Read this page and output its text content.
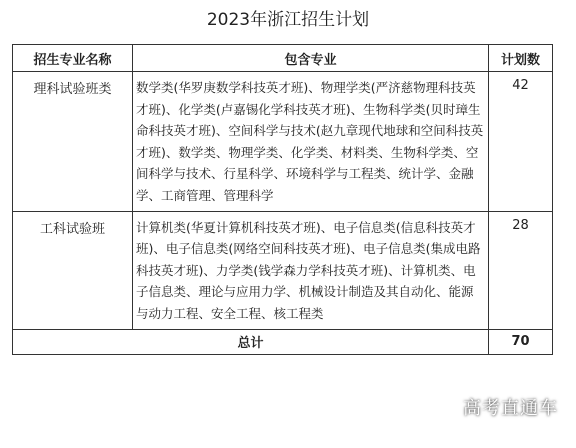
2023年浙江招生计划
招生专业名称	包含专业	计划数
理科试验班类	数学类(华罗庚数学科技英才班)、物理学类(严济慈物理科技英才班)、化学类(卢嘉锡化学科技英才班)、生物科学类(贝时璋生命科技英才班)、空间科学与技术(赵九章现代地球和空间科技英才班)、数学类、物理学类、化学类、材料类、生物科学类、空间科学与技术、行星科学、环境科学与工程类、统计学、金融学、工商管理、管理科学	42
工科试验班	计算机类(华夏计算机科技英才班)、电子信息类(信息科技英才班)、电子信息类(网络空间科技英才班)、电子信息类(集成电路科技英才班)、力学类(钱学森力学科技英才班)、计算机类、电子信息类、理论与应用力学、机械设计制造及其自动化、能源与动力工程、安全工程、核工程类	28
总计		70
高考直通车
